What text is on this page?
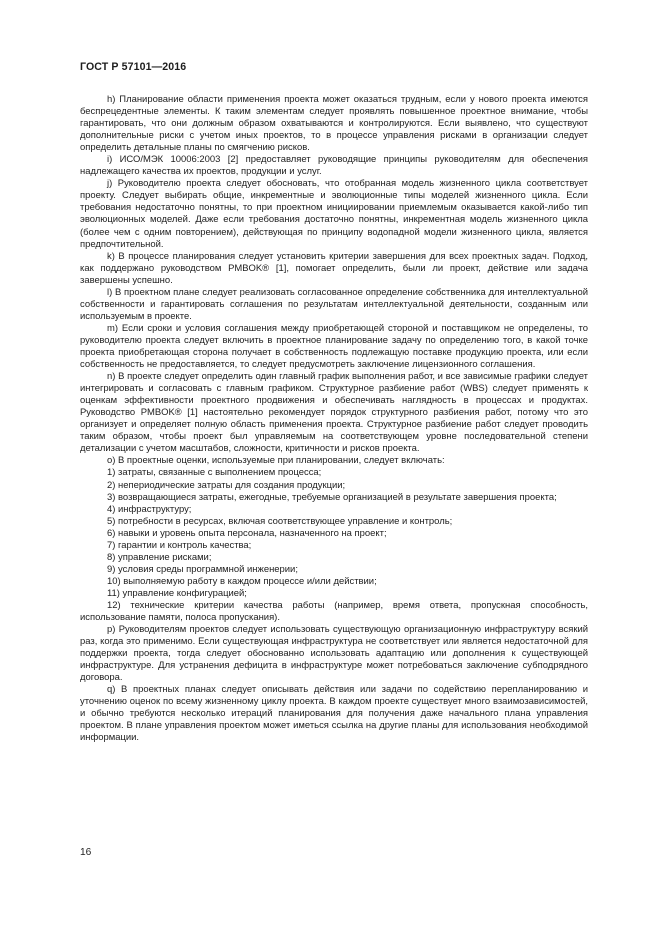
ГОСТ Р 57101—2016

h) Планирование области применения проекта может оказаться трудным, если у нового проекта имеются беспрецедентные элементы. К таким элементам следует проявлять повышенное проектное внимание, чтобы гарантировать, что они должным образом охватываются и контролируются. Если выявлено, что существуют дополнительные риски с учетом иных проектов, то в процессе управления рисками в организации следует определить детальные планы по смягчению рисков.

i) ИСО/МЭК 10006:2003 [2] предоставляет руководящие принципы руководителям для обеспечения надлежащего качества их проектов, продукции и услуг.

j) Руководителю проекта следует обосновать, что отобранная модель жизненного цикла соответствует проекту. Следует выбирать общие, инкрементные и эволюционные типы моделей жизненного цикла. Если требования недостаточно понятны, то при проектном инициировании приемлемым оказывается какой-либо тип эволюционных моделей. Даже если требования достаточно понятны, инкрементная модель жизненного цикла (более чем с одним повторением), действующая по принципу водопадной модели жизненного цикла, является предпочтительной.

k) В процессе планирования следует установить критерии завершения для всех проектных задач. Подход, как поддержано руководством PMBOK® [1], помогает определить, были ли проект, действие или задача завершены успешно.

l) В проектном плане следует реализовать согласованное определение собственника для интеллектуальной собственности и гарантировать соглашения по результатам интеллектуальной деятельности, созданным или используемым в проекте.

m) Если сроки и условия соглашения между приобретающей стороной и поставщиком не определены, то руководителю проекта следует включить в проектное планирование задачу по определению того, в какой точке проекта приобретающая сторона получает в собственность подлежащую поставке продукцию проекта, или если собственность не предоставляется, то следует предусмотреть заключение лицензионного соглашения.

n) В проекте следует определить один главный график выполнения работ, и все зависимые графики следует интегрировать и согласовать с главным графиком. Структурное разбиение работ (WBS) следует применять к оценкам эффективности проектного продвижения и обеспечивать наглядность в процессах и продуктах. Руководство PMBOK® [1] настоятельно рекомендует порядок структурного разбиения работ, потому что это организует и определяет полную область применения проекта. Структурное разбиение работ следует проводить таким образом, чтобы проект был управляемым на соответствующем уровне последовательной степени детализации с учетом масштабов, сложности, критичности и рисков проекта.

o) В проектные оценки, используемые при планировании, следует включать:

1) затраты, связанные с выполнением процесса;

2) непериодические затраты для создания продукции;

3) возвращающиеся затраты, ежегодные, требуемые организацией в результате завершения проекта;

4) инфраструктуру;

5) потребности в ресурсах, включая соответствующее управление и контроль;

6) навыки и уровень опыта персонала, назначенного на проект;

7) гарантии и контроль качества;

8) управление рисками;

9) условия среды программной инженерии;

10) выполняемую работу в каждом процессе и/или действии;

11) управление конфигурацией;

12) технические критерии качества работы (например, время ответа, пропускная способность, использование памяти, полоса пропускания).

p) Руководителям проектов следует использовать существующую организационную инфраструктуру всякий раз, когда это применимо. Если существующая инфраструктура не соответствует или является недостаточной для поддержки проекта, тогда следует обоснованно использовать адаптацию или дополнения к существующей инфраструктуре. Для устранения дефицита в инфраструктуре может потребоваться заключение субподрядного договора.

q) В проектных планах следует описывать действия или задачи по содействию перепланированию и уточнению оценок по всему жизненному циклу проекта. В каждом проекте существует много взаимозависимостей, и обычно требуются несколько итераций планирования для получения даже начального плана управления проектом. В плане управления проектом может иметься ссылка на другие планы для использования необходимой информации.

16
